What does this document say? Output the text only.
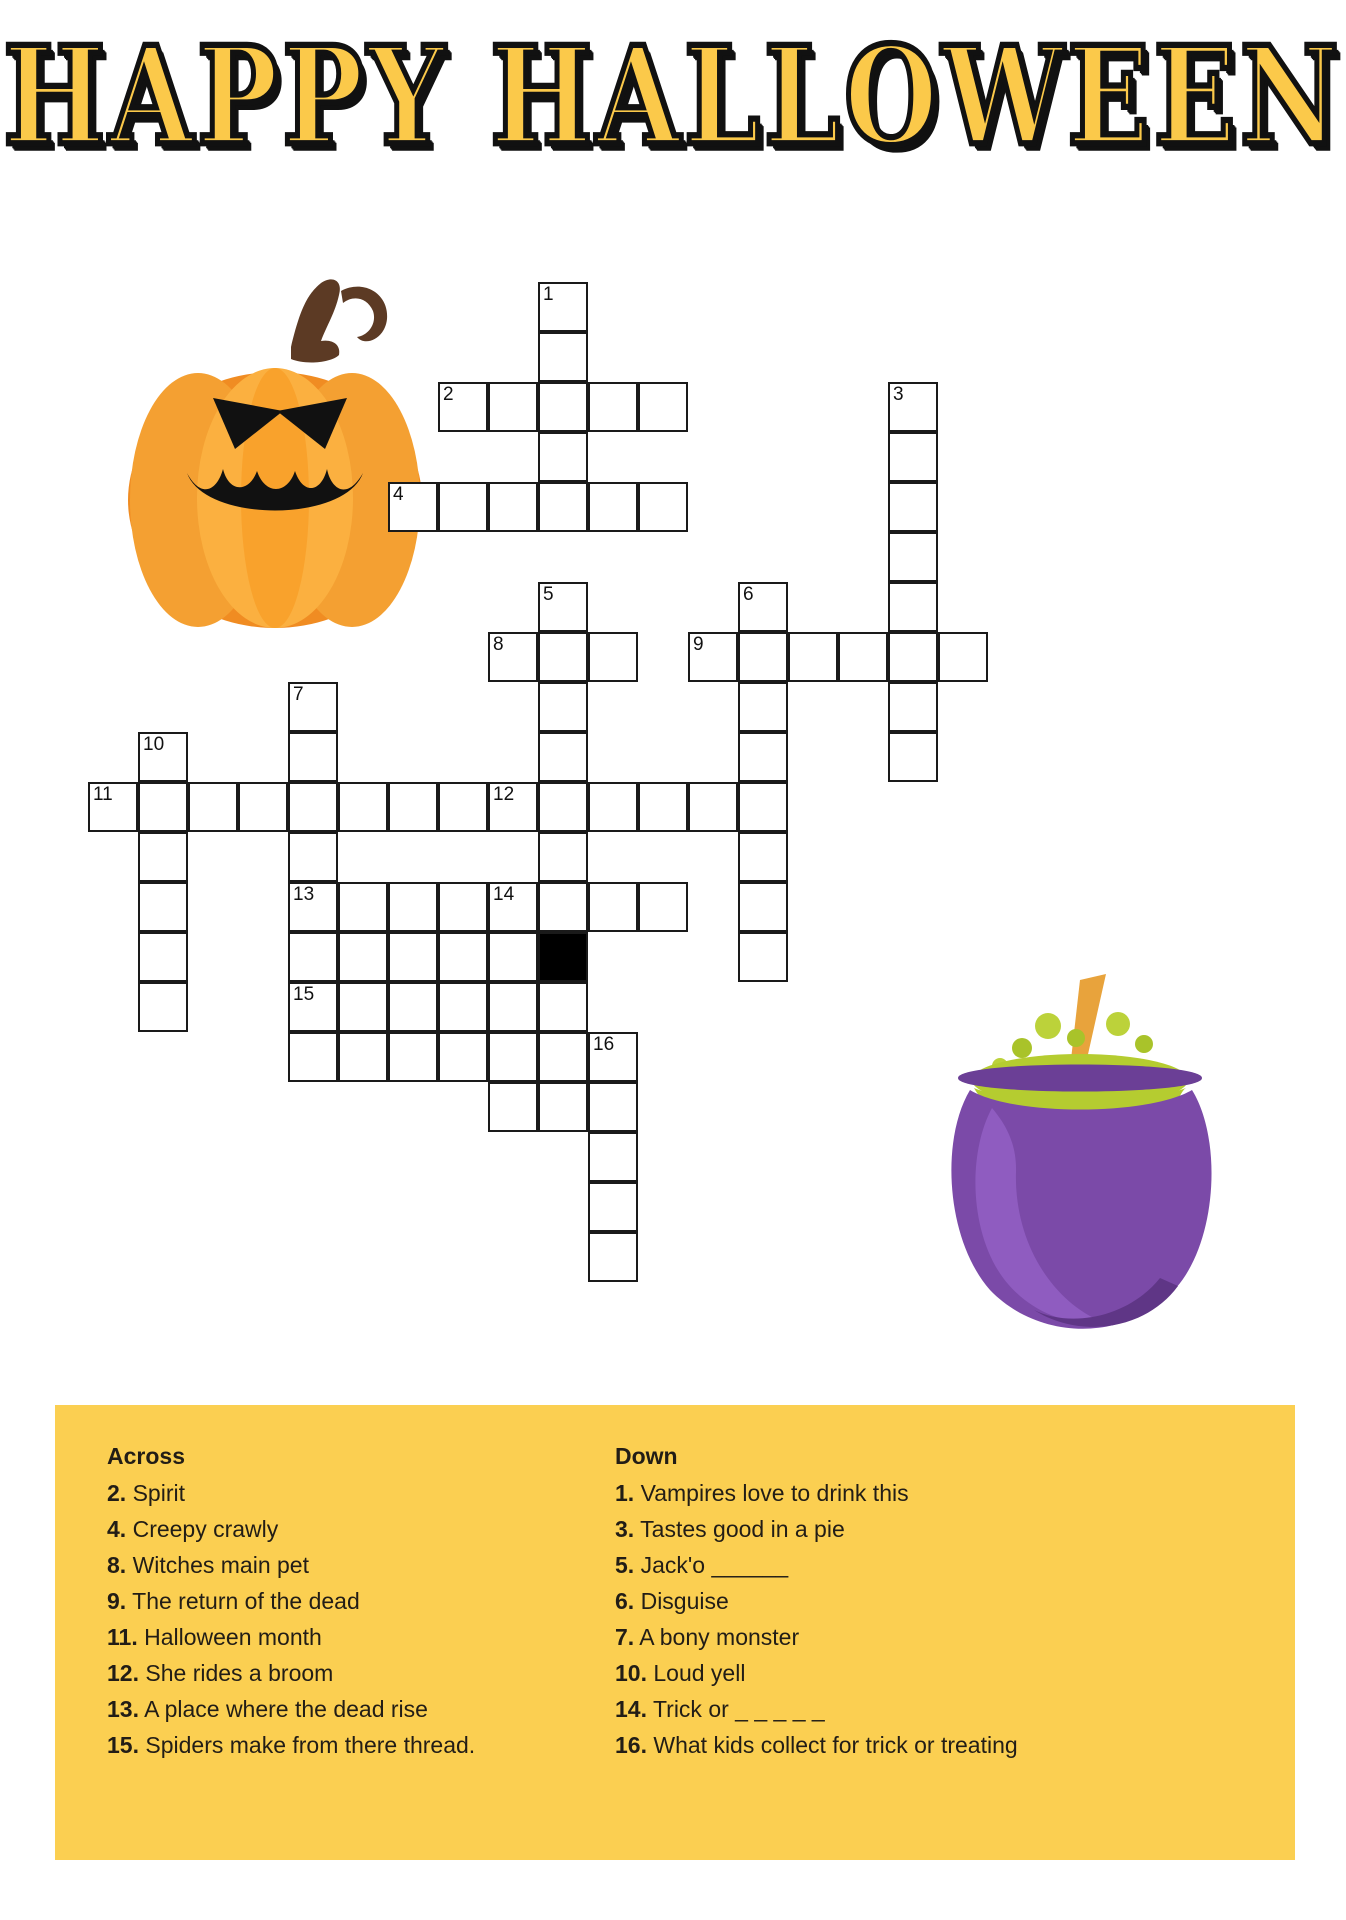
HAPPY HALLOWEEN
1
2	3
4
5	6
8	9
7
10
11	12
13	14
15
16
Across
2. Spirit
4. Creepy crawly
8. Witches main pet
9. The return of the dead
11. Halloween month
12. She rides a broom
13. A place where the dead rise
15. Spiders make from there thread.
Down
1. Vampires love to drink this
3. Tastes good in a pie
5. Jack'o ______
6. Disguise
7. A bony monster
10. Loud yell
14. Trick or _ _ _ _ _
16. What kids collect for trick or treating
